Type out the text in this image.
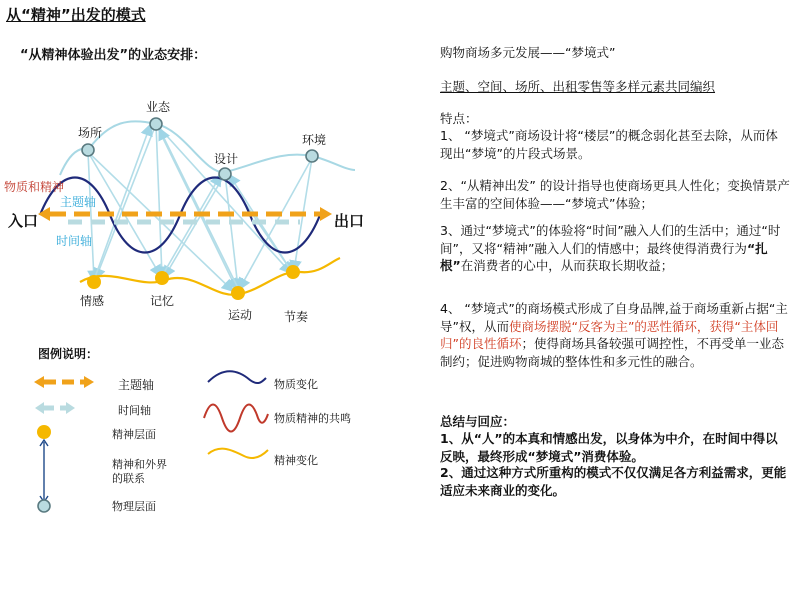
从“精神”出发的模式
“从精神体验出发”的业态安排：
场所
业态
设计
环境
情感	记忆
运动	节奏
入口	出口
物质和精神
主题轴
时间轴
图例说明：
主题轴
时间轴
精神层面
精神和外界的联系
物理层面
物质变化
物质精神的共鸣
精神变化
购物商场多元发展——“梦境式”
主题、空间、场所、出租零售等多样元素共同编织
特点：
1、 “梦境式”商场设计将“楼层”的概念弱化甚至去除，从而体现出“梦境”的片段式场景。
2、“从精神出发” 的设计指导也使商场更具人性化；变换情景产生丰富的空间体验——“梦境式”体验；
3、通过“梦境式”的体验将“时间”融入人们的生活中；通过“时间”，又将“精神”融入人们的情感中；最终使得消费行为“扎根”在消费者的心中，从而获取长期收益；
4、 “梦境式”的商场模式形成了自身品牌,益于商场重新占据“主导”权，从而使商场摆脱“反客为主”的恶性循环，获得“主体回归”的良性循环；使得商场具备较强可调控性，不再受单一业态制约；促进购物商城的整体性和多元性的融合。
总结与回应：
1、从“人”的本真和情感出发，以身体为中介，在时间中得以反映，最终形成“梦境式”消费体验。
2、通过这种方式所重构的模式不仅仅满足各方利益需求，更能适应未来商业的变化。
